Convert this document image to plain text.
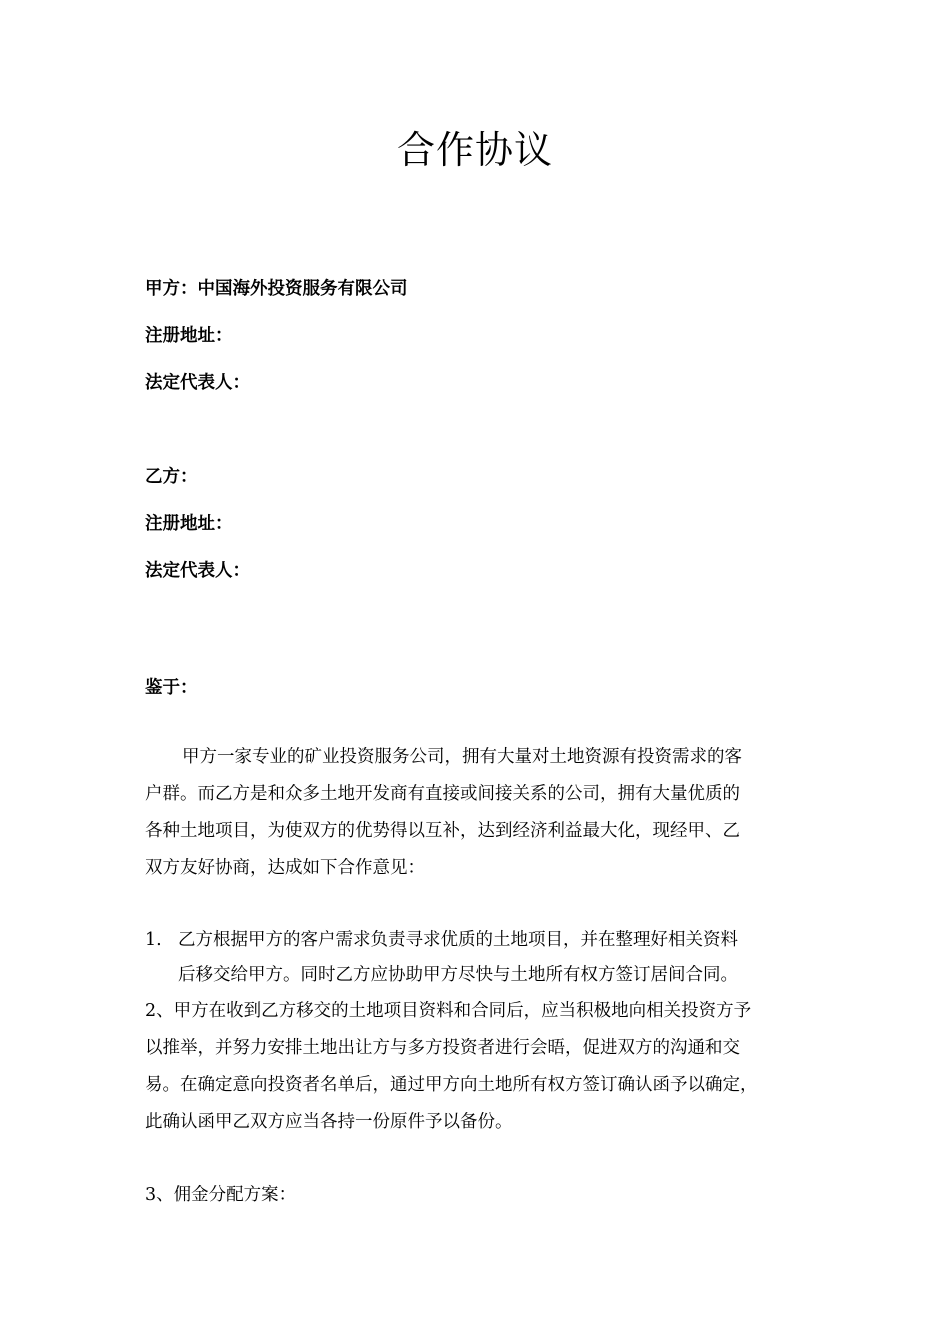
合作协议
甲方：中国海外投资服务有限公司
注册地址：
法定代表人：
乙方：
注册地址：
法定代表人：
鉴于：
甲方一家专业的矿业投资服务公司，拥有大量对土地资源有投资需求的客
户群。而乙方是和众多土地开发商有直接或间接关系的公司，拥有大量优质的
各种土地项目，为使双方的优势得以互补，达到经济利益最大化，现经甲、乙
双方友好协商，达成如下合作意见：
1. 乙方根据甲方的客户需求负责寻求优质的土地项目，并在整理好相关资料
后移交给甲方。同时乙方应协助甲方尽快与土地所有权方签订居间合同。
2、甲方在收到乙方移交的土地项目资料和合同后，应当积极地向相关投资方予
以推举，并努力安排土地出让方与多方投资者进行会晤，促进双方的沟通和交
易。在确定意向投资者名单后，通过甲方向土地所有权方签订确认函予以确定，
此确认函甲乙双方应当各持一份原件予以备份。
3、佣金分配方案：
